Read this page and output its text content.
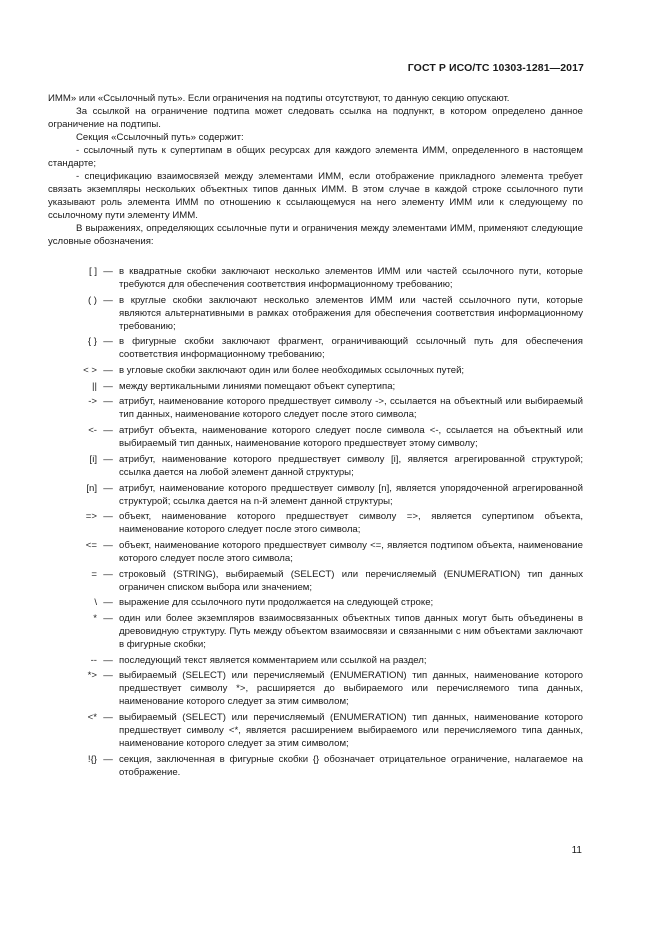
ГОСТ Р ИСО/ТС 10303-1281—2017

ИММ» или «Ссылочный путь». Если ограничения на подтипы отсутствуют, то данную секцию опускают.

За ссылкой на ограничение подтипа может следовать ссылка на подпункт, в котором определено данное ограничение на подтипы.

Секция «Ссылочный путь» содержит:

- ссылочный путь к супертипам в общих ресурсах для каждого элемента ИММ, определенного в настоящем стандарте;

- спецификацию взаимосвязей между элементами ИММ, если отображение прикладного элемента требует связать экземпляры нескольких объектных типов данных ИММ. В этом случае в каждой строке ссылочного пути указывают роль элемента ИММ по отношению к ссылающемуся на него элементу ИММ или к следующему по ссылочному пути элементу ИММ.

В выражениях, определяющих ссылочные пути и ограничения между элементами ИММ, применяют следующие условные обозначения:

[ ] — в квадратные скобки заключают несколько элементов ИММ или частей ссылочного пути, которые требуются для обеспечения соответствия информационному требованию;
( ) — в круглые скобки заключают несколько элементов ИММ или частей ссылочного пути, которые являются альтернативными в рамках отображения для обеспечения соответствия информационному требованию;
{ } — в фигурные скобки заключают фрагмент, ограничивающий ссылочный путь для обеспечения соответствия информационному требованию;
< > — в угловые скобки заключают один или более необходимых ссылочных путей;
|| — между вертикальными линиями помещают объект супертипа;
-> — атрибут, наименование которого предшествует символу ->, ссылается на объектный или выбираемый тип данных, наименование которого следует после этого символа;
<- — атрибут объекта, наименование которого следует после символа <-, ссылается на объектный или выбираемый тип данных, наименование которого предшествует этому символу;
[i] — атрибут, наименование которого предшествует символу [i], является агрегированной структурой; ссылка дается на любой элемент данной структуры;
[n] — атрибут, наименование которого предшествует символу [n], является упорядоченной агрегированной структурой; ссылка дается на n-й элемент данной структуры;
=> — объект, наименование которого предшествует символу =>, является супертипом объекта, наименование которого следует после этого символа;
<= — объект, наименование которого предшествует символу <=, является подтипом объекта, наименование которого следует после этого символа;
= — строковый (STRING), выбираемый (SELECT) или перечисляемый (ENUMERATION) тип данных ограничен списком выбора или значением;
\ — выражение для ссылочного пути продолжается на следующей строке;
* — один или более экземпляров взаимосвязанных объектных типов данных могут быть объединены в древовидную структуру. Путь между объектом взаимосвязи и связанными с ним объектами заключают в фигурные скобки;
-- — последующий текст является комментарием или ссылкой на раздел;
*> — выбираемый (SELECT) или перечисляемый (ENUMERATION) тип данных, наименование которого предшествует символу *>, расширяется до выбираемого или перечисляемого типа данных, наименование которого следует за этим символом;
<* — выбираемый (SELECT) или перечисляемый (ENUMERATION) тип данных, наименование которого предшествует символу <*, является расширением выбираемого или перечисляемого типа данных, наименование которого следует за этим символом;
!{} — секция, заключенная в фигурные скобки {} обозначает отрицательное ограничение, налагаемое на отображение.
11
